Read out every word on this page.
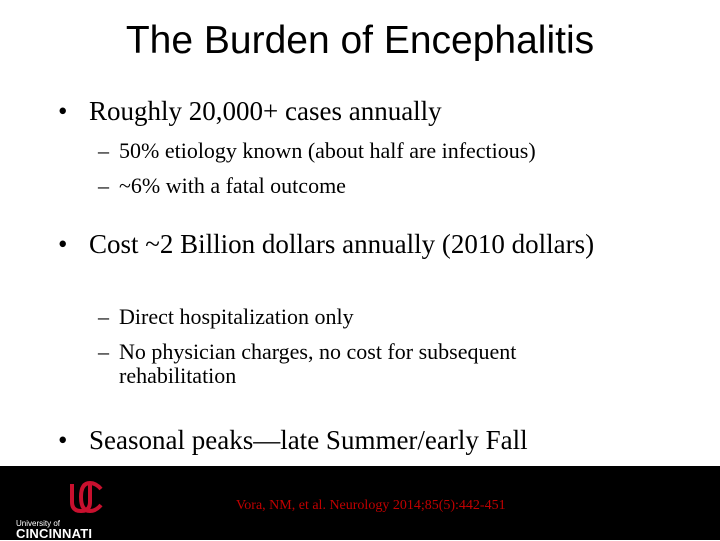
The Burden of Encephalitis
• Roughly 20,000+ cases annually
– 50% etiology known (about half are infectious)
– ~6% with a fatal outcome
• Cost ~2 Billion dollars annually (2010 dollars)
– Direct hospitalization only
– No physician charges, no cost for subsequent rehabilitation
• Seasonal peaks—late Summer/early Fall
University of
CINCINNATI
Vora, NM, et al. Neurology 2014;85(5):442-451
